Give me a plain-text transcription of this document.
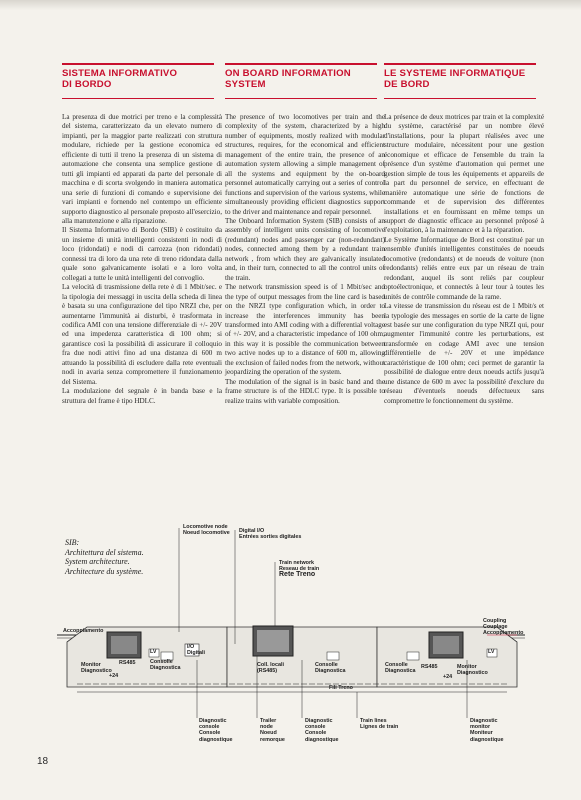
SISTEMA INFORMATIVO
DI BORDO
ON BOARD INFORMATION
SYSTEM
LE SYSTEME INFORMATIQUE
DE BORD

La presenza di due motrici per treno e la complessità del sistema, caratterizzato da un elevato numero di impianti, per la maggior parte realizzati con struttura modulare, richiede per la gestione economica ed efficiente di tutti il treno la presenza di un sistema di automazione che consenta una semplice gestione di tutti gli impianti ed apparati da parte del personale di macchina e di scorta svolgendo in maniera automatica una serie di funzioni di comando e supervisione dei vari impianti e fornendo nel contempo un efficiente supporto diagnostico al personale preposto all'esercizio, alla manutenzione e alla riparazione.

Il Sistema Informativo di Bordo (SIB) è costituito da un insieme di unità intelligenti consistenti in nodi di loco (ridondati) e nodi di carrozza (non ridondati) connessi tra di loro da una rete di treno ridondata dalla quale sono galvanicamente isolati e a loro volta collegati a tutte le unità intelligenti del convoglio.

La velocità di trasmissione della rete è di 1 Mbit/sec. e la tipologia dei messaggi in uscita della scheda di linea è basata su una configurazione del tipo NRZI che, per aumentarne l'immunità ai disturbi, è trasformata in codifica AMI con una tensione differenziale di +/- 20V ed una impedenza caratteristica di 100 ohm; si garantisce così la possibilità di assicurare il colloquio fra due nodi attivi fino ad una distanza di 600 m attuando la possibilità di escludere dalla rete eventuali nodi in avaria senza compromettere il funzionamento del Sistema.

La modulazione del segnale è in banda base e la struttura del frame è tipo HDLC.

The presence of two locomotives per train and the complexity of the system, characterized by a high number of equipments, mostly realized with modular structures, requires, for the economical and efficient management of the entire train, the presence of an automation system allowing a simple management of all the systems and equipment by the on-board personnel automatically carrying out a series of control functions and supervision of the various systems, while simultaneously providing efficient diagnostics support to the driver and maintenance and repair personnel.

The Onboard Information System (SIB) consists of an assembly of intelligent units consisting of locomotive (redundant) nodes and passenger car (non-redundant) nodes, connected among them by a redundant train network , from which they are galvanically insulated and, in their turn, connected to all the control units of the train.

The network transmission speed is of 1 Mbit/sec and the type of output messages from the line card is based on the NRZI type configuration which, in order to increase the interferences immunity has been transformed into AMI coding with a differential voltage of +/- 20V, and a characteristic impedance of 100 ohm; in this way it is possible the communication between two active nodes up to a distance of 600 m, allowing the exclusion of failed nodes from the network, without jeopardizing the operation of the system.

The modulation of the signal is in basic band and the frame structure is of the HDLC type. It is possible to realize trains with variable composition.

La présence de deux motrices par train et la complexité du système, caractérisé par un nombre élevé d'installations, pour la plupart réalisées avec une structure modulaire, nécessitent pour une gestion économique et efficace de l'ensemble du train la présence d'un système d'automation qui permet une gestion simple de tous les équipements et appareils de la part du personnel de service, en effectuant de manière automatique une série de fonctions de commande et de supervision des différentes installations et en fournissant en même temps un support de diagnostic efficace au personnel préposé à l'exploitation, à la maintenance et à la réparation.

Le Système Informatique de Bord est constitué par un ensemble d'unités intelligentes constituées de noeuds locomotive (redondants) et de noeuds de voiture (non redondants) reliés entre eux par un réseau de train redondant, auquel ils sont reliés par coupleur optoélectronique, et connectés à leur tour à toutes les unités de contrôle commande de la rame.

La vitesse de transmission du réseau est de 1 Mbit/s et la typologie des messages en sortie de la carte de ligne est basée sur une configuration du type NRZI qui, pour augmenter l'immunité contre les perturbations, est transformée en codage AMI avec une tension différentielle de +/- 20V et une impédance caractéristique de 100 ohm; ceci permet de garantir la possibilité de dialogue entre deux noeuds actifs jusqu'à une distance de 600 m avec la possibilité d'exclure du réseau d'éventuels noeuds défectueux sans compromettre le fonctionnement du système.

SIB:
Architettura del sistema.
System architecture.
Architecture du système.
Locomotive node
Noeud locomotive Digital I/O
Entrées sorties digitales
Train network
Reseau de train
Rete Treno
Accoppiamento
Coupling
Couplage
Accoppiamento
I/O
Digitali
Monitor
Diagnostico
RS485	Consolle
Diagnostica
LV
+24
Coll. locali
(RS485)
Consolle
Diagnostica
Consolle
Diagnostica
RS485
LV
+24
Monitor
Diagnostico
Fili Treno
Diagnostic
console
Console
diagnostique
Trailer
node
Noeud
remorque
Diagnostic
console
Console
diagnostique
Train lines
Lignes de train
Diagnostic
monitor
Moniteur
diagnostique
18
